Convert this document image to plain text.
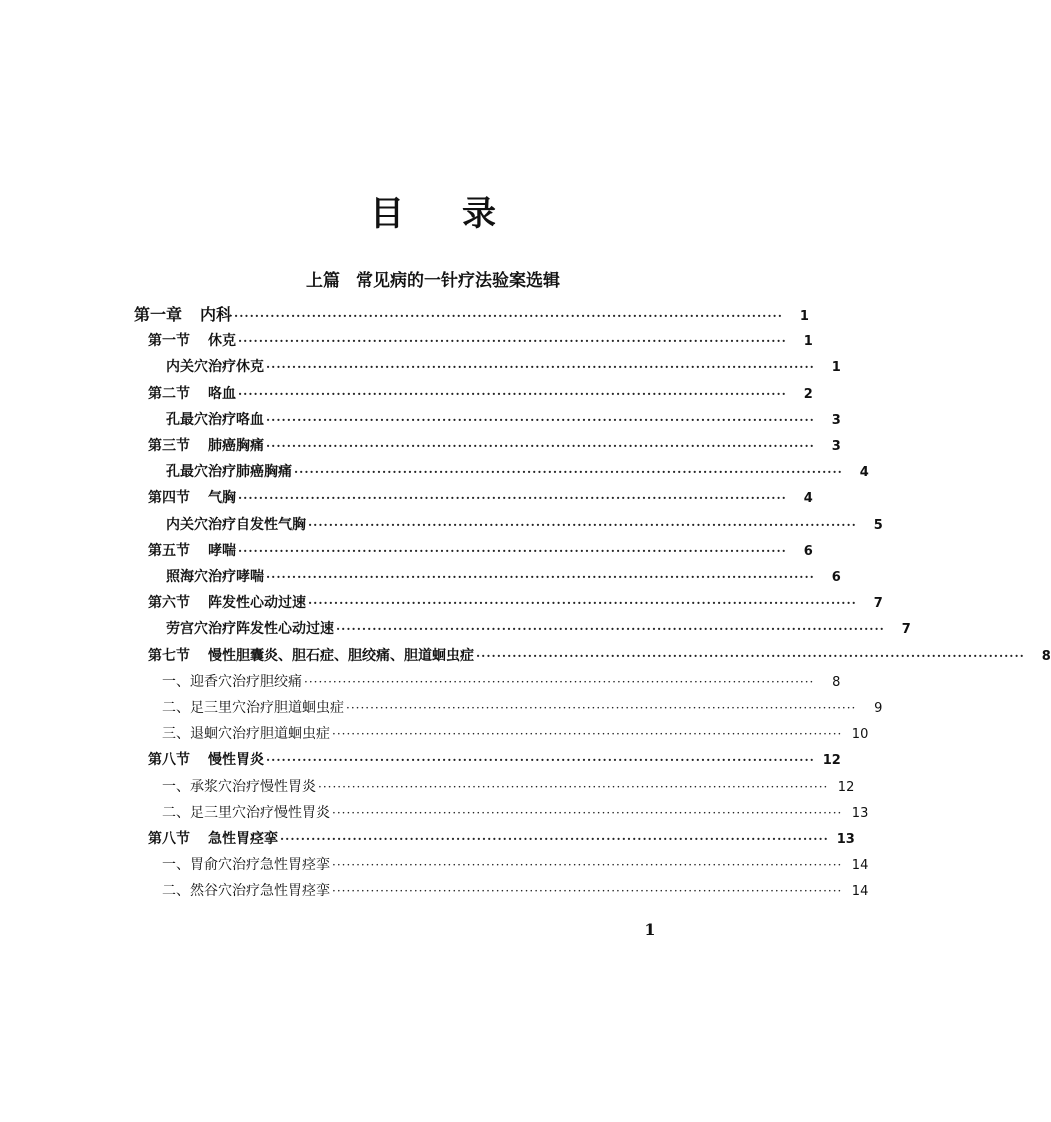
目 录
上篇 常见病的一针疗法验案选辑
第一章 内科 ··········································································································	1
第一节 休克 ··········································································································	1
内关穴治疗休克 ··········································································································	1
第二节 咯血 ··········································································································	2
孔最穴治疗咯血 ··········································································································	3
第三节 肺癌胸痛 ··········································································································	3
孔最穴治疗肺癌胸痛 ··········································································································	4
第四节 气胸 ··········································································································	4
内关穴治疗自发性气胸 ··········································································································	5
第五节 哮喘 ··········································································································	6
照海穴治疗哮喘 ··········································································································	6
第六节 阵发性心动过速 ··········································································································	7
劳宫穴治疗阵发性心动过速 ··········································································································	7
第七节 慢性胆囊炎、胆石症、胆绞痛、胆道蛔虫症 ··········································································································	8
一、迎香穴治疗胆绞痛 ··········································································································	8
二、足三里穴治疗胆道蛔虫症 ··········································································································	9
三、退蛔穴治疗胆道蛔虫症 ·········································································································· 10
第八节 慢性胃炎 ·········································································································· 12
一、承浆穴治疗慢性胃炎 ·········································································································· 12
二、足三里穴治疗慢性胃炎 ·········································································································· 13
第八节 急性胃痉挛 ·········································································································· 13
一、胃俞穴治疗急性胃痉挛 ·········································································································· 14
二、然谷穴治疗急性胃痉挛 ·········································································································· 14
1
